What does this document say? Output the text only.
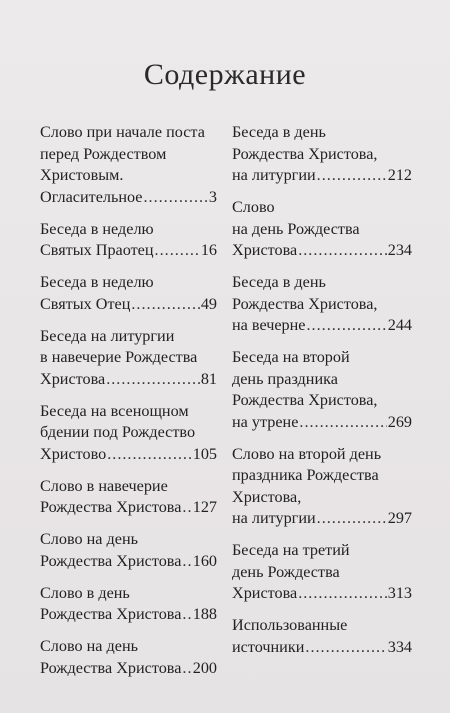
Содержание
Слово при начале поста
перед Рождеством
Христовым.
Огласительное .....	3
Беседа в неделю
Святых Праотец .....	16
Беседа в неделю
Святых Отец .....	49
Беседа на литургии
в навечерие Рождества
Христова .....	81
Беседа на всенощном
бдении под Рождество
Христово .....	105
Слово в навечерие
Рождества Христова ..... 127
Слово на день
Рождества Христова ..... 160
Слово в день
Рождества Христова ..... 188
Слово на день
Рождества Христова ..... 200
Беседа в день
Рождества Христова,
на литургии .....	212
Слово
на день Рождества
Христова .....	234
Беседа в день
Рождества Христова,
на вечерне .....	244
Беседа на второй
день праздника
Рождества Христова,
на утрене .....	269
Слово на второй день
праздника Рождества
Христова,
на литургии .....	297
Беседа на третий
день Рождества
Христова .....	313
Использованные
источники .....	334
